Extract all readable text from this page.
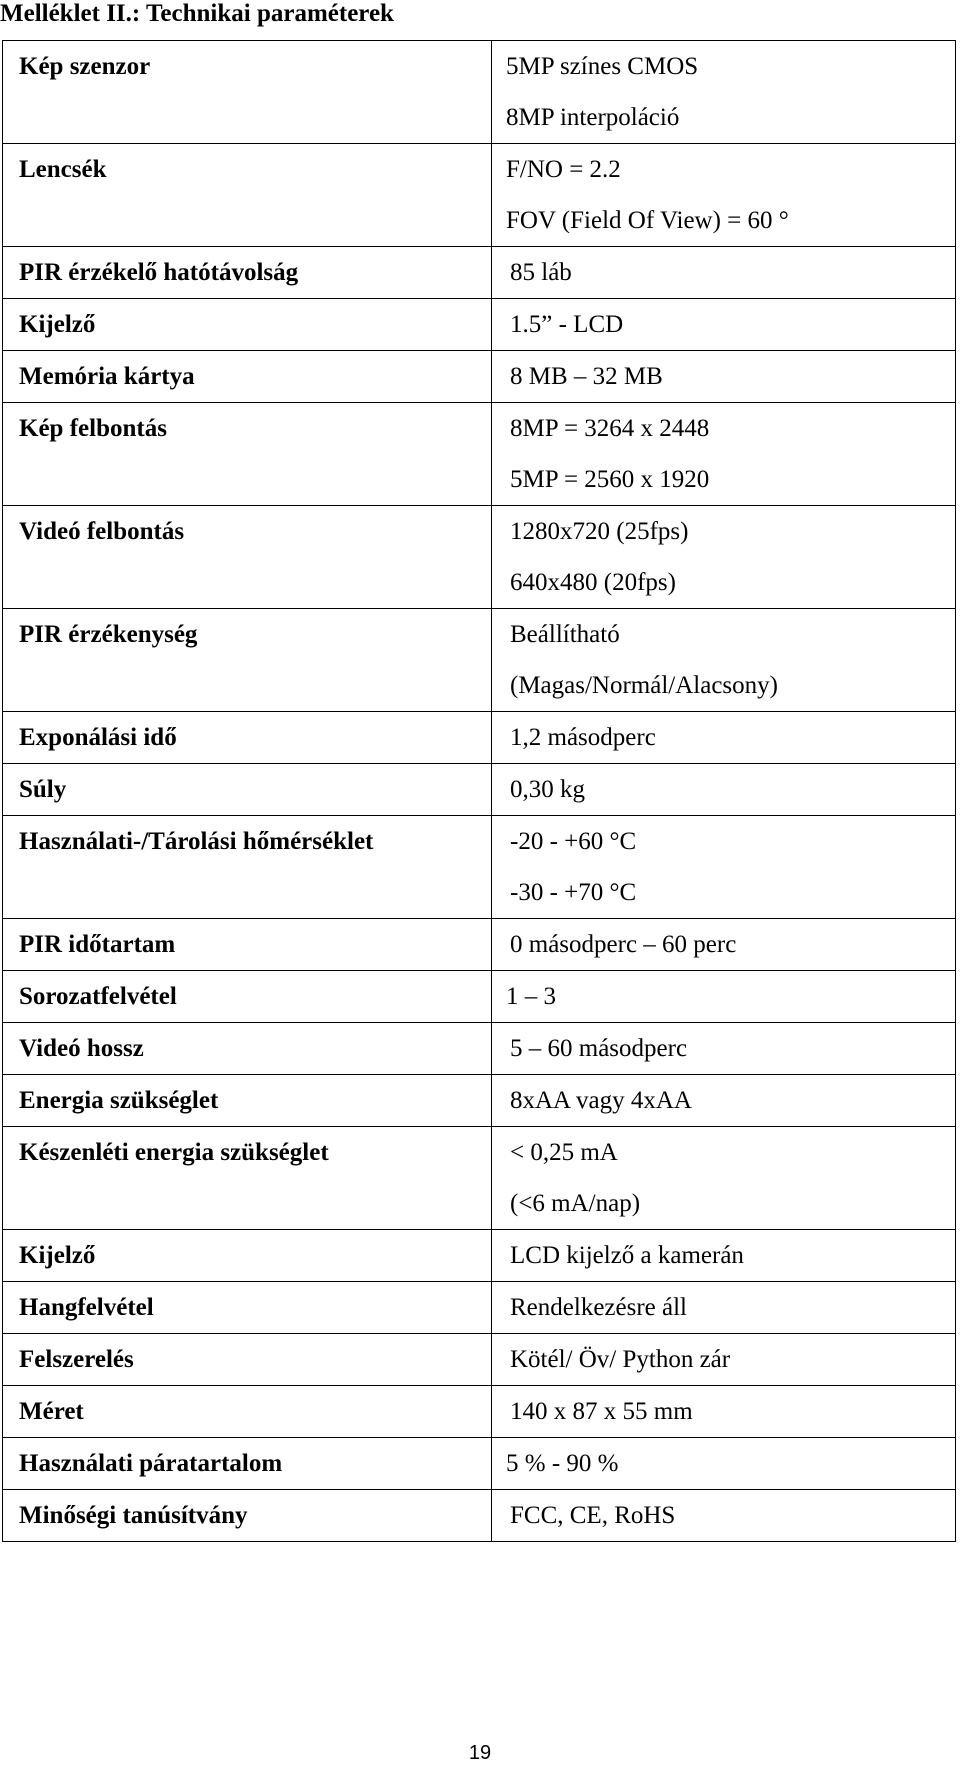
Melléklet II.: Technikai paraméterek
Kép szenzor	5MP színes CMOS
8MP interpoláció

Lencsék	F/NO = 2.2
FOV (Field Of View) = 60 °

PIR érzékelő hatótávolság	85 láb

Kijelző	1.5” - LCD

Memória kártya	8 MB – 32 MB

Kép felbontás	8MP = 3264 x 2448
5MP = 2560 x 1920

Videó felbontás	1280x720 (25fps)
640x480 (20fps)

PIR érzékenység	Beállítható
(Magas/Normál/Alacsony)

Exponálási idő	1,2 másodperc

Súly	0,30 kg

Használati-/Tárolási hőmérséklet	-20 - +60 °C
-30 - +70 °C

PIR időtartam	0 másodperc – 60 perc

Sorozatfelvétel	1 – 3

Videó hossz	5 – 60 másodperc

Energia szükséglet	8xAA vagy 4xAA

Készenléti energia szükséglet	< 0,25 mA
(<6 mA/nap)

Kijelző	LCD kijelző a kamerán

Hangfelvétel	Rendelkezésre áll

Felszerelés	Kötél/ Öv/ Python zár

Méret	140 x 87 x 55 mm

Használati páratartalom	5 % - 90 %

Minőségi tanúsítvány	FCC, CE, RoHS
19
